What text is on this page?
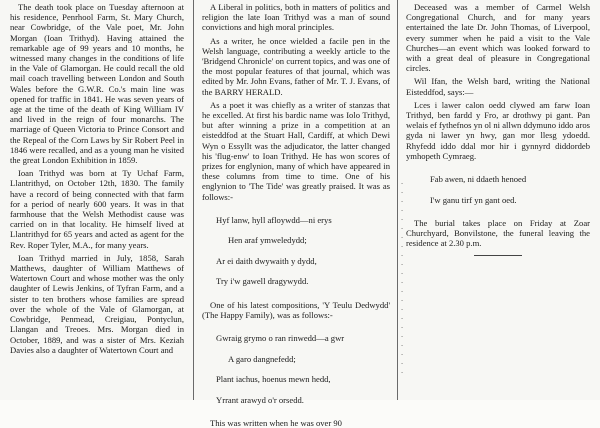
·
·
·
·
·
·
·
·
·
·
·
·
·
·
·
·
·
·
·
·
·
·

The death took place on Tuesday afternoon at his residence, Penrhool Farm, St. Mary Church, near Cowbridge, of the Vale poet, Mr. John Morgan (Ioan Trithyd). Having attained the remarkable age of 99 years and 10 months, he witnessed many changes in the conditions of life in the Vale of Glamorgan. He could recall the old mail coach travelling between London and South Wales before the G.W.R. Co.'s main line was opened for traffic in 1841. He was seven years of age at the time of the death of King William IV and lived in the reign of four monarchs. The marriage of Queen Victoria to Prince Consort and the Repeal of the Corn Laws by Sir Robert Peel in 1846 were recalled, and as a young man he visited the great London Exhibition in 1859.

Ioan Trithyd was born at Ty Uchaf Farm, Llantrithyd, on October 12th, 1830. The family have a record of being connected with that farm for a period of nearly 600 years. It was in that farmhouse that the Welsh Methodist cause was carried on in that locality. He himself lived at Llantrithyd for 65 years and acted as agent for the Rev. Roper Tyler, M.A., for many years.

Ioan Trithyd married in July, 1858, Sarah Matthews, daughter of William Matthews of Watertown Court and whose mother was the only daughter of Lewis Jenkins, of Tyfran Farm, and a sister to ten brothers whose families are spread over the whole of the Vale of Glamorgan, at Cowbridge, Penmead, Creigiau, Pontyclun, Llangan and Treoes. Mrs. Morgan died in October, 1889, and was a sister of Mrs. Keziah Davies also a daughter of Watertown Court and

A Liberal in politics, both in matters of politics and religion the late Ioan Trithyd was a man of sound convictions and high moral principles.

As a writer, he once wielded a facile pen in the Welsh language, contributing a weekly article to the 'Bridgend Chronicle' on current topics, and was one of the most popular features of that journal, which was edited by Mr. John Evans, father of Mr. T. J. Evans, of the BARRY HERALD.

As a poet it was chiefly as a writer of stanzas that he excelled. At first his bardic name was Iolo Trithyd, but after winning a prize in a competition at an eisteddfod at the Stuart Hall, Cardiff, at which Dewi Wyn o Essyllt was the adjudicator, the latter changed his 'flug-enw' to Ioan Trithyd. He has won scores of prizes for englynion, many of which have appeared in these columns from time to time. One of his englynion to 'The Tide' was greatly praised. It was as follows:-

Hyf lanw, hyll afloywdd—ni erys

Hen araf ymweledydd;

Ar ei daith dwywaith y dydd,

Try i'w gawell dragywydd.

One of his latest compositions, 'Y Teulu Dedwydd' (The Happy Family), was as follows:-

Gwraig grymo o ran rinwedd—a gwr

A garo dangnefedd;

Plant iachus, hoenus mewn hedd,

Yrrant arawyd o'r orsedd.

This was written when he was over 90

Deceased was a member of Carmel Welsh Congregational Church, and for many years entertained the late Dr. John Thomas, of Liverpool, every summer when he paid a visit to the Vale Churches—an event which was looked forward to with a great deal of pleasure in Congregational circles.

Wil Ifan, the Welsh bard, writing the National Eisteddfod, says:—

Lces i lawer calon oedd clywed am farw Ioan Trithyd, ben fardd y Fro, ar drothwy pi gant. Pan welais ef fythefnos yn ol ni allwn ddymuno iddo aros gyda ni lawer yn hwy, gan mor llesg ydoedd. Rhyfedd iddo ddal mor hir i gynnyrd diddordeb ymhopeth Cymraeg.

Fab awen, ni ddaeth henoed

I'w ganu tirf yn gant oed.

The burial takes place on Friday at Zoar Churchyard, Bonvilstone, the funeral leaving the residence at 2.30 p.m.
